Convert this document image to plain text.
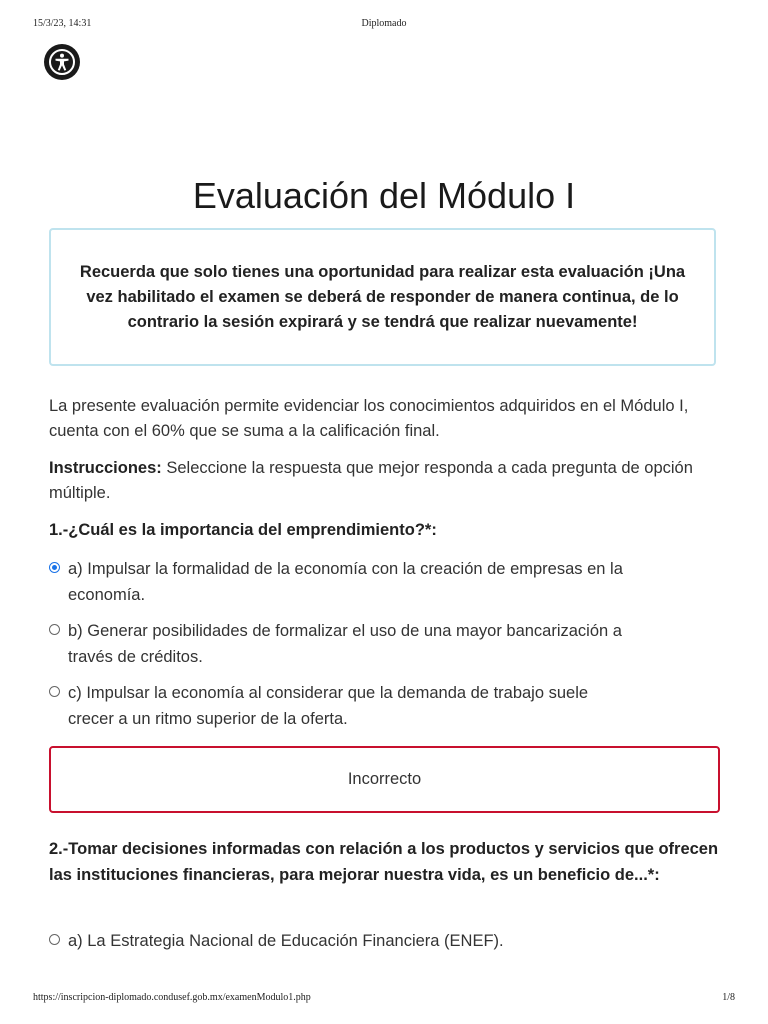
15/3/23, 14:31	Diplomado
Evaluación del Módulo I

Recuerda que solo tienes una oportunidad para realizar esta evaluación ¡Una vez habilitado el examen se deberá de responder de manera continua, de lo contrario la sesión expirará y se tendrá que realizar nuevamente!

La presente evaluación permite evidenciar los conocimientos adquiridos en el Módulo I, cuenta con el 60% que se suma a la calificación final.

Instrucciones: Seleccione la respuesta que mejor responda a cada pregunta de opción múltiple.

1.-¿Cuál es la importancia del emprendimiento?*:

a) Impulsar la formalidad de la economía con la creación de empresas en la
economía.
b) Generar posibilidades de formalizar el uso de una mayor bancarización a
través de créditos.
c) Impulsar la economía al considerar que la demanda de trabajo suele
crecer a un ritmo superior de la oferta.
Incorrecto

2.-Tomar decisiones informadas con relación a los productos y servicios que ofrecen las instituciones financieras, para mejorar nuestra vida, es un beneficio de...*:

a) La Estrategia Nacional de Educación Financiera (ENEF).
https://inscripcion-diplomado.condusef.gob.mx/examenModulo1.php	1/8
